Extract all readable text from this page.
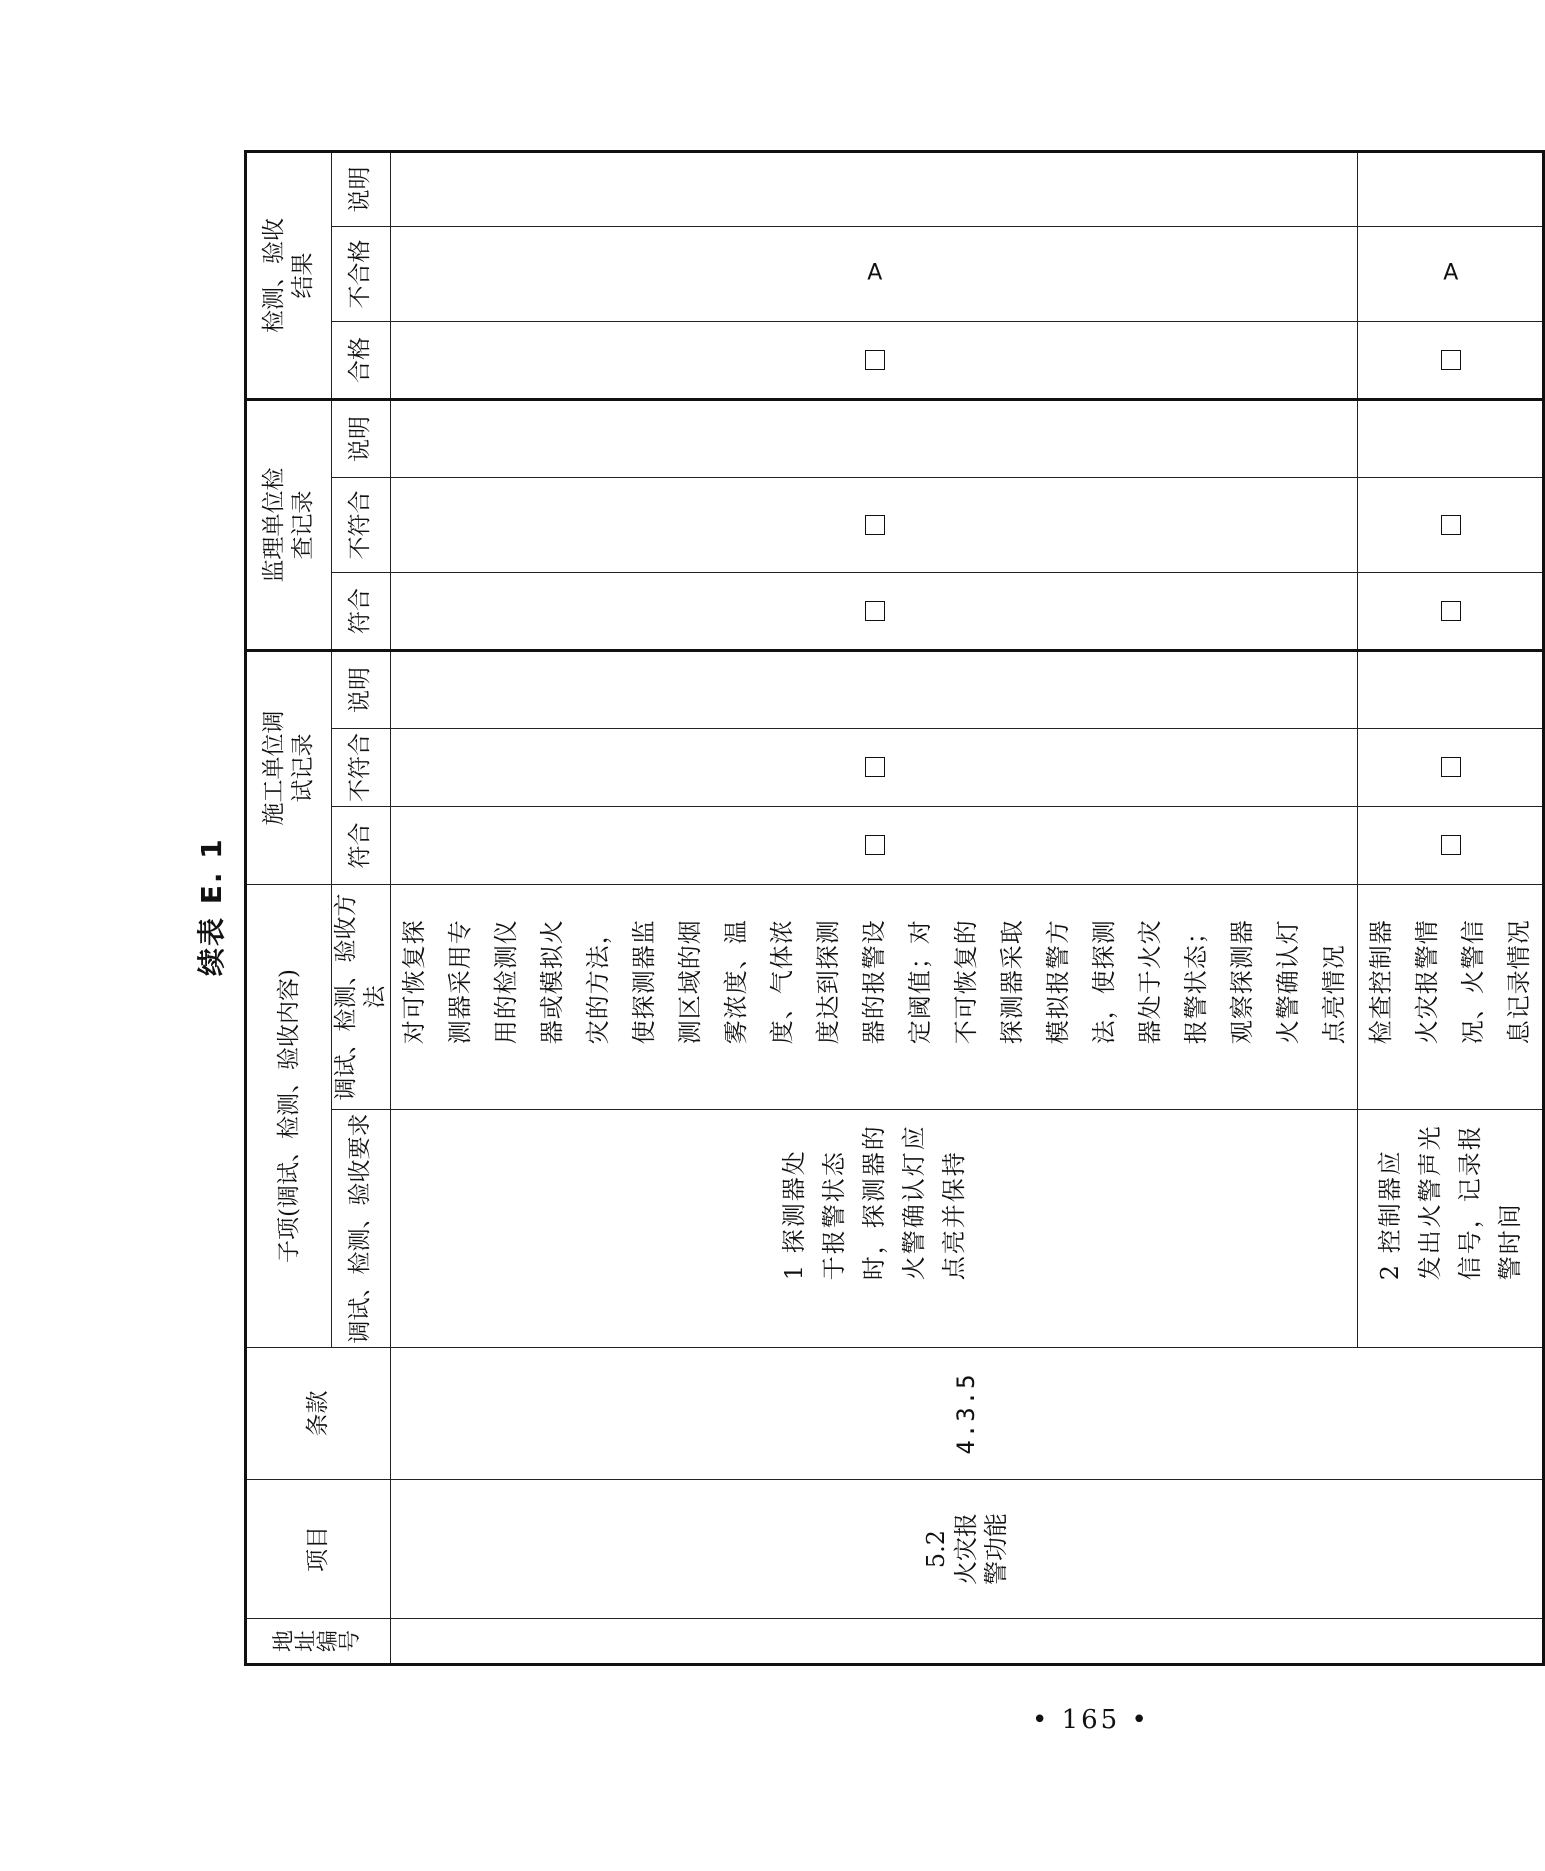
地址编号	项目	条款	子项(调试、检测、验收内容)		施工单位调试记录			监理单位检查记录			检测、验收结果		
			调试、检测、验收要求	调试、检测、验收方法	符合	不符合	说明	符合	不符合	说明	合格	不合格	说明

	5.2 火灾报警功能	4.3.5	1 探测器处于报警状态时，探测器的火警确认灯应点亮并保持	对可恢复探测器采用专用的检测仪器或模拟火灾的方法，使探测器监测区域的烟雾浓度、温度、气体浓度达到探测器的报警设定阈值；对不可恢复的探测器采取模拟报警方法，使探测器处于火灾报警状态；观察探测器火警确认灯点亮情况								A	

			2 控制器应发出火警声光信号，记录报警时间	检查控制器火灾报警情况、火警信息记录情况								A	
续表 E. 1
• 165 •
